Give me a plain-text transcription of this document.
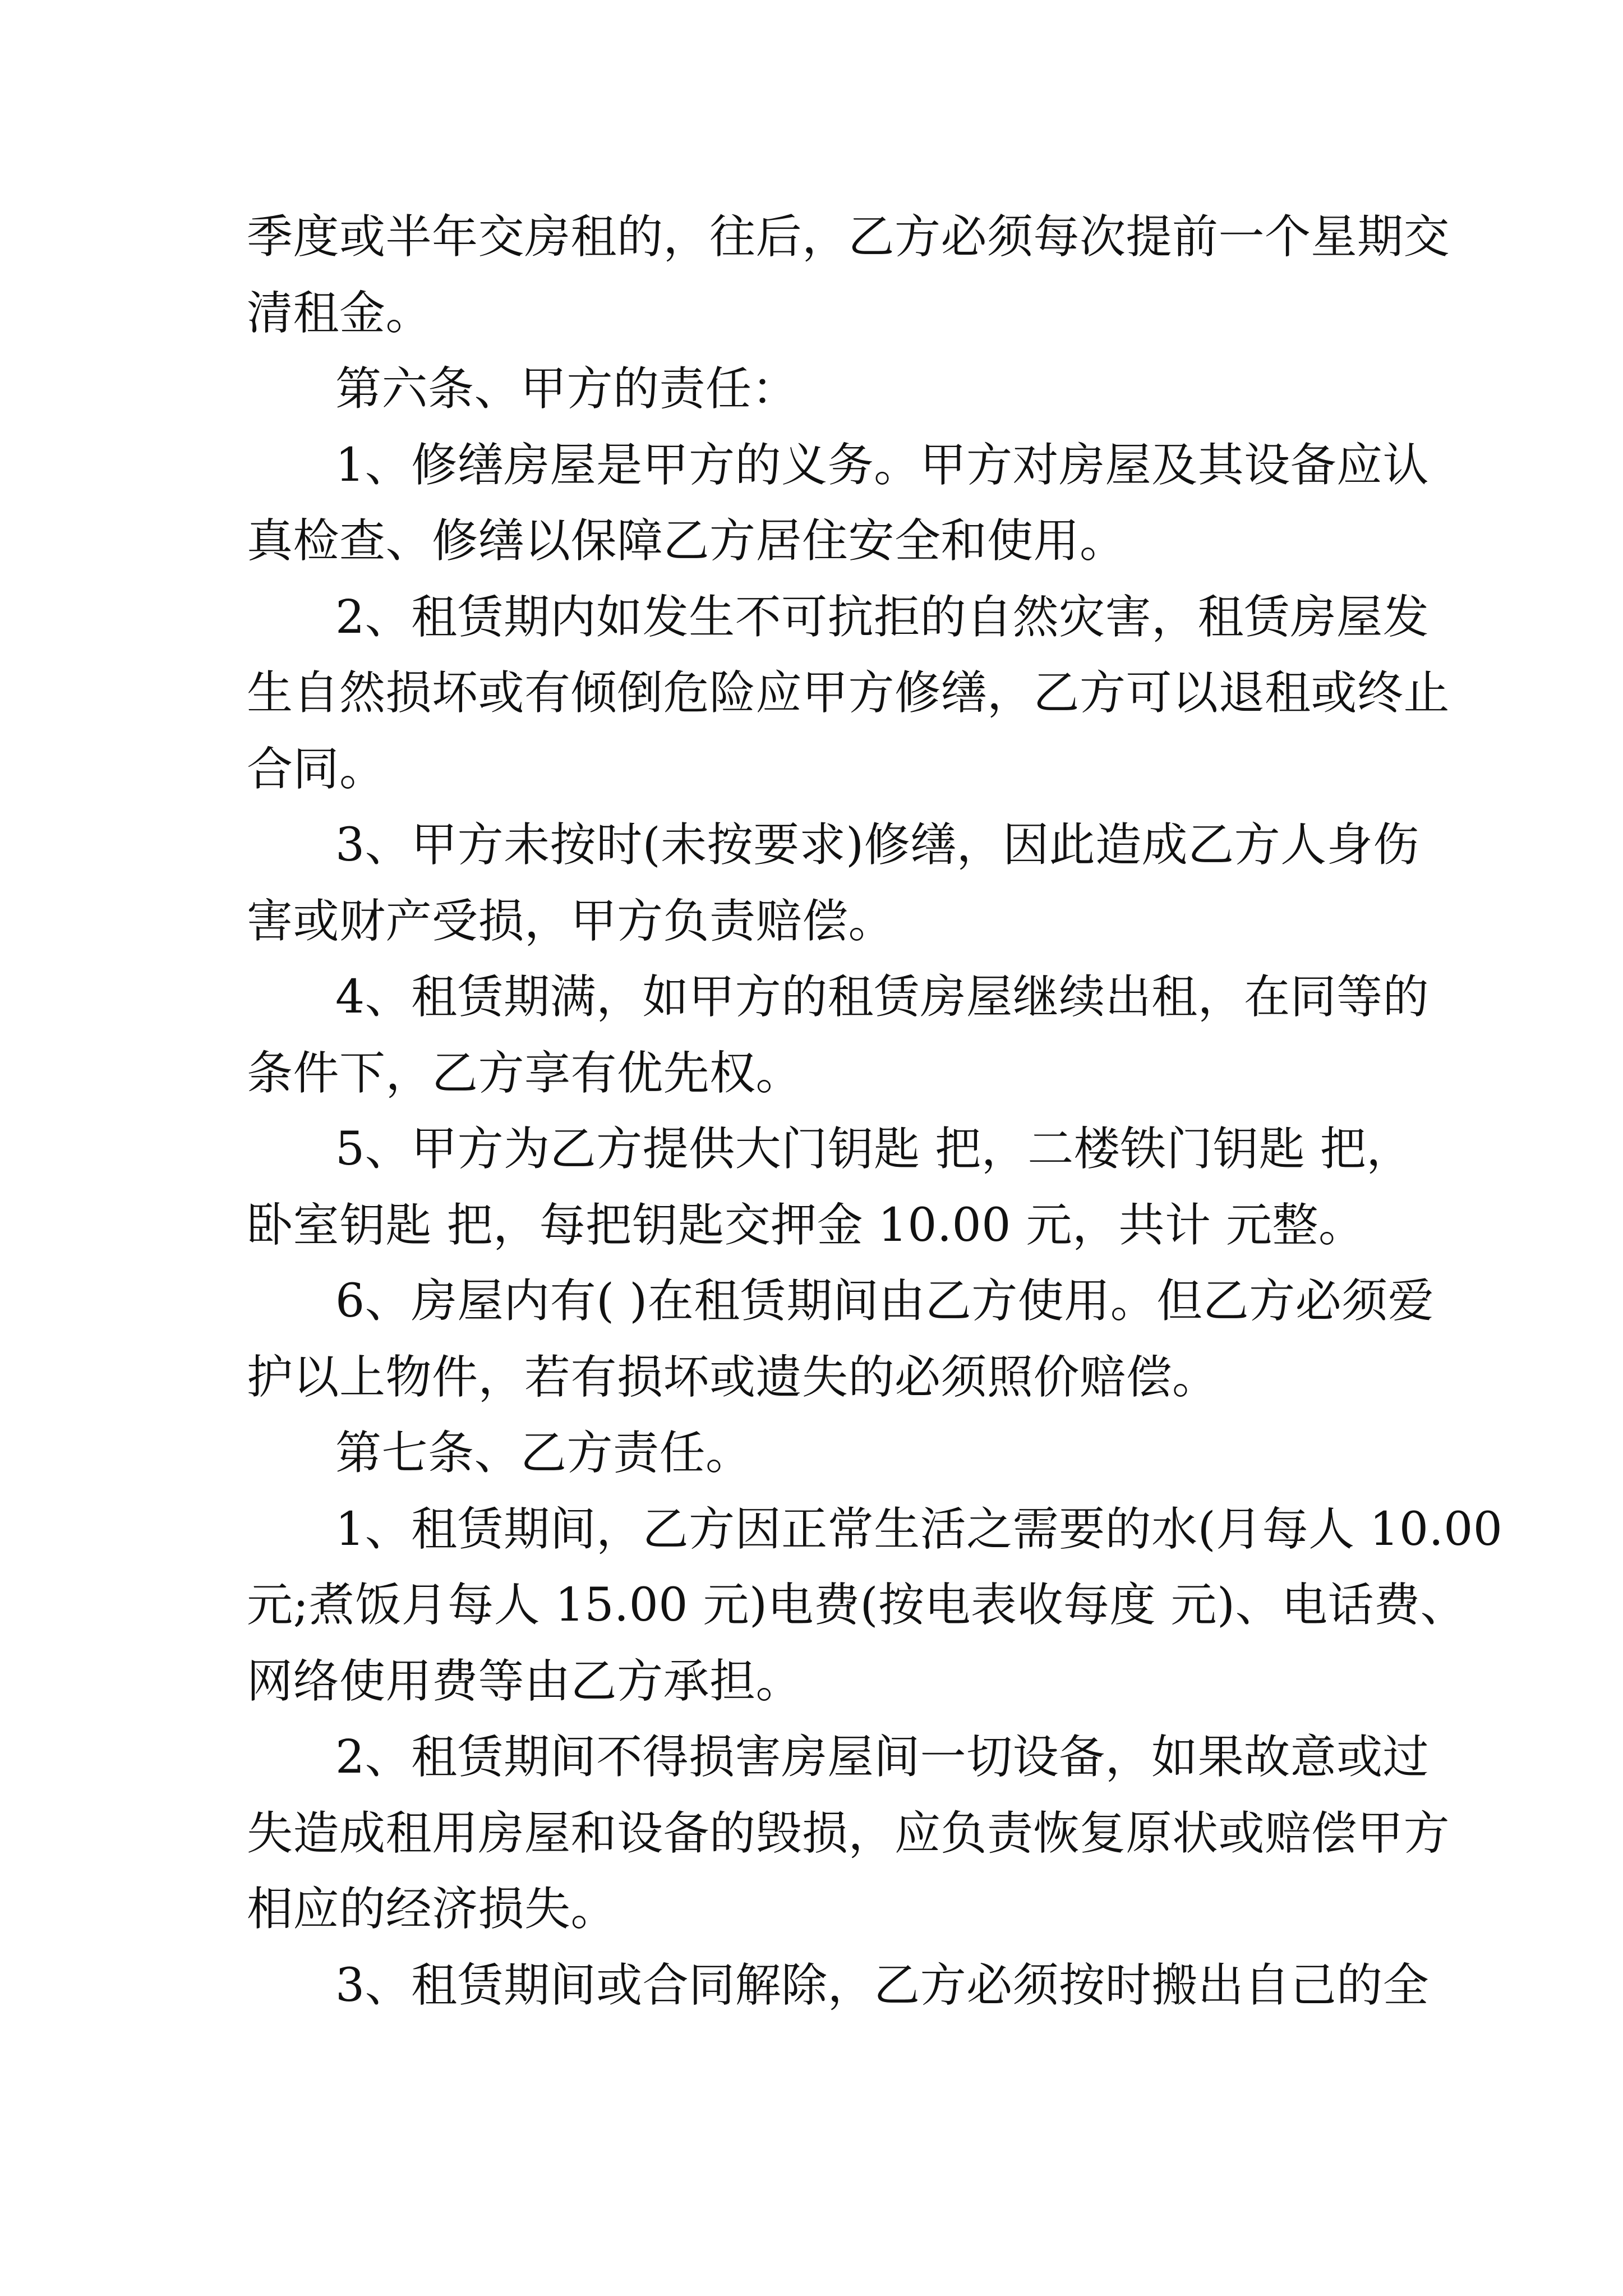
季度或半年交房租的，往后，乙方必须每次提前一个星期交
清租金。
第六条、甲方的责任：
1、修缮房屋是甲方的义务。甲方对房屋及其设备应认
真检查、修缮以保障乙方居住安全和使用。
2、租赁期内如发生不可抗拒的自然灾害，租赁房屋发
生自然损坏或有倾倒危险应甲方修缮，乙方可以退租或终止
合同。
3、甲方未按时(未按要求)修缮，因此造成乙方人身伤
害或财产受损，甲方负责赔偿。
4、租赁期满，如甲方的租赁房屋继续出租，在同等的
条件下，乙方享有优先权。
5、甲方为乙方提供大门钥匙 把，二楼铁门钥匙 把，
卧室钥匙 把，每把钥匙交押金 10.00 元，共计 元整。
6、房屋内有( )在租赁期间由乙方使用。但乙方必须爱
护以上物件，若有损坏或遗失的必须照价赔偿。
第七条、乙方责任。
1、租赁期间，乙方因正常生活之需要的水(月每人 10.00
元;煮饭月每人 15.00 元)电费(按电表收每度 元)、电话费、
网络使用费等由乙方承担。
2、租赁期间不得损害房屋间一切设备，如果故意或过
失造成租用房屋和设备的毁损，应负责恢复原状或赔偿甲方
相应的经济损失。
3、租赁期间或合同解除，乙方必须按时搬出自己的全
